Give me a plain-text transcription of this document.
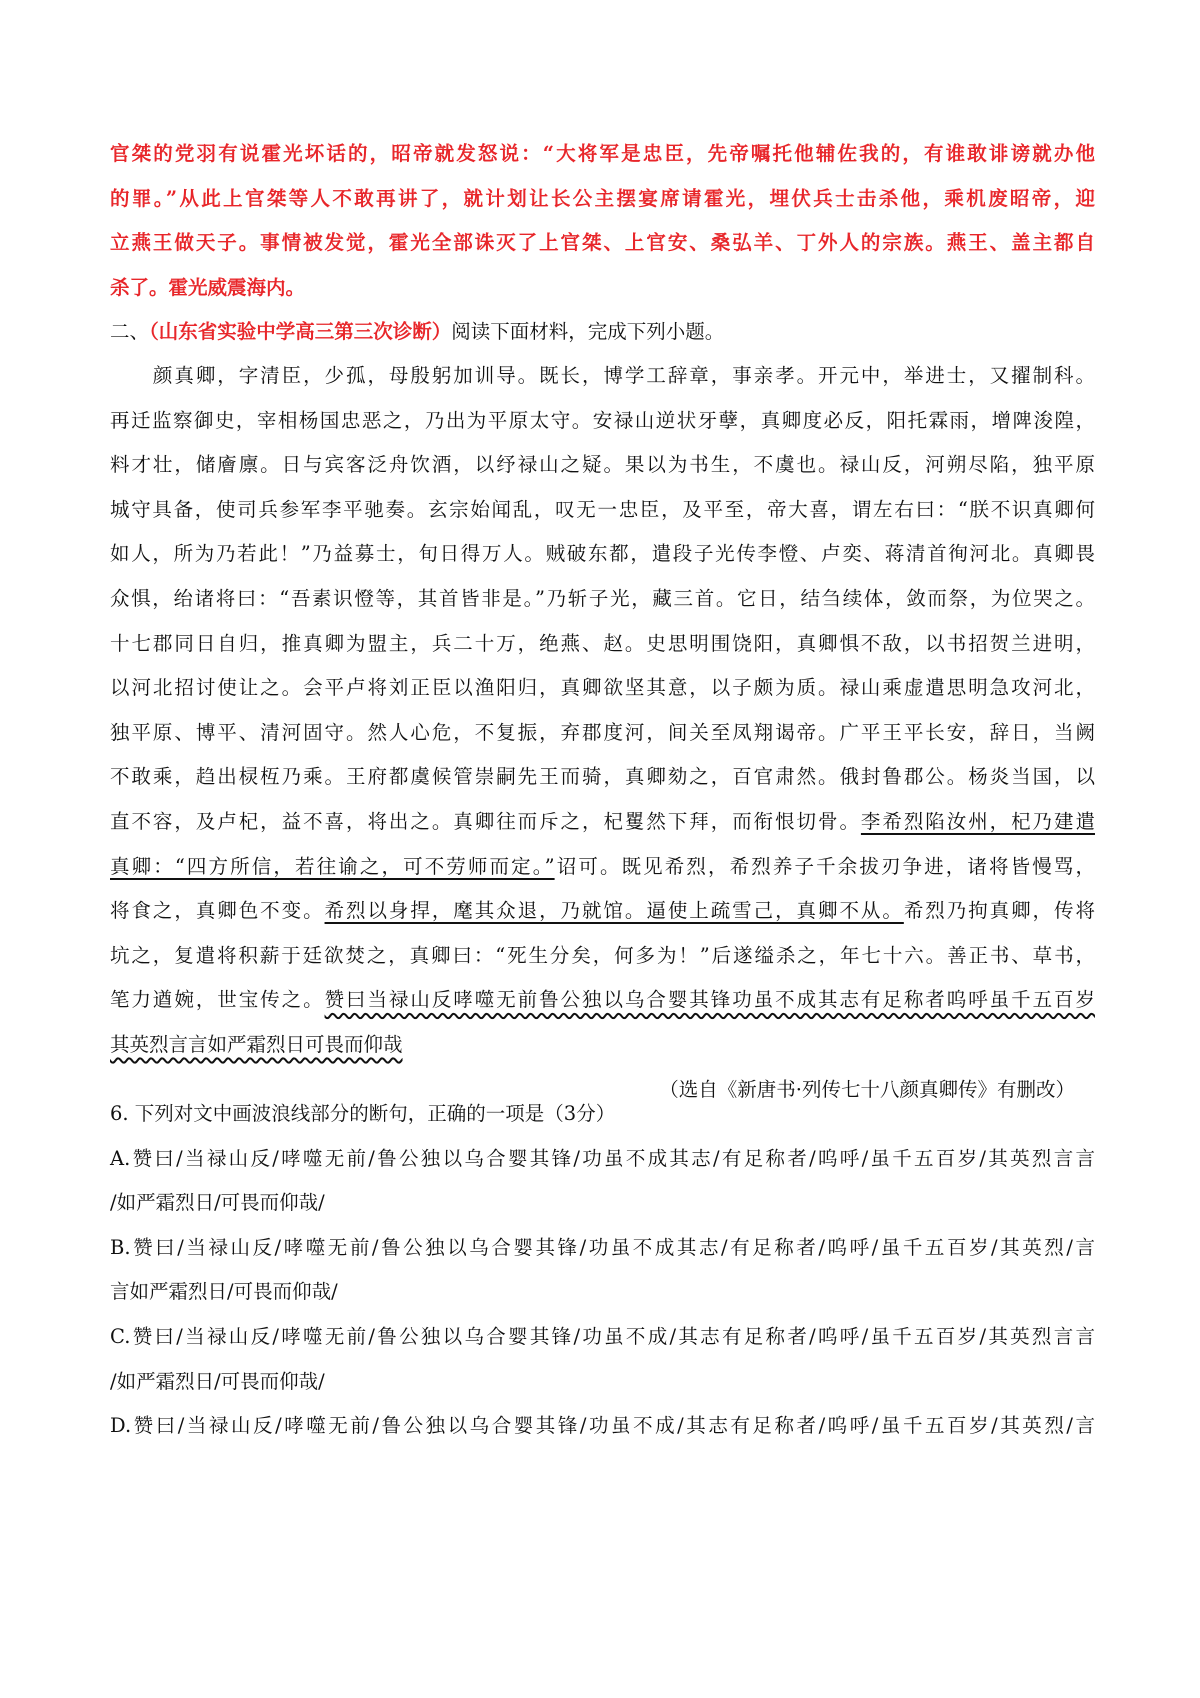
官桀的党羽有说霍光坏话的，昭帝就发怒说：“大将军是忠臣，先帝嘱托他辅佐我的，有谁敢诽谤就办他
的罪。”从此上官桀等人不敢再讲了，就计划让长公主摆宴席请霍光，埋伏兵士击杀他，乘机废昭帝，迎
立燕王做天子。事情被发觉，霍光全部诛灭了上官桀、上官安、桑弘羊、丁外人的宗族。燕王、盖主都自
杀了。霍光威震海内。
二、（山东省实验中学高三第三次诊断）阅读下面材料，完成下列小题。
　　颜真卿，字清臣，少孤，母殷躬加训导。既长，博学工辞章，事亲孝。开元中，举进士，又擢制科。
再迁监察御史，宰相杨国忠恶之，乃出为平原太守。安禄山逆状牙孽，真卿度必反，阳托霖雨，增陴浚隍，
料才壮，储廥廪。日与宾客泛舟饮酒，以纾禄山之疑。果以为书生，不虞也。禄山反，河朔尽陷，独平原
城守具备，使司兵参军李平驰奏。玄宗始闻乱，叹无一忠臣，及平至，帝大喜，谓左右曰：“朕不识真卿何
如人，所为乃若此！”乃益募士，旬日得万人。贼破东都，遣段子光传李憕、卢奕、蒋清首徇河北。真卿畏
众惧，绐诸将曰：“吾素识憕等，其首皆非是。”乃斩子光，藏三首。它日，结刍续体，敛而祭，为位哭之。
十七郡同日自归，推真卿为盟主，兵二十万，绝燕、赵。史思明围饶阳，真卿惧不敌，以书招贺兰进明，
以河北招讨使让之。会平卢将刘正臣以渔阳归，真卿欲坚其意，以子颇为质。禄山乘虚遣思明急攻河北，
独平原、博平、清河固守。然人心危，不复振，弃郡度河，间关至凤翔谒帝。广平王平长安，辞日，当阙
不敢乘，趋出棂枑乃乘。王府都虞候管崇嗣先王而骑，真卿劾之，百官肃然。俄封鲁郡公。杨炎当国，以
直不容，及卢杞，益不喜，将出之。真卿往而斥之，杞矍然下拜，而衔恨切骨。李希烈陷汝州，杞乃建遣
真卿：“四方所信，若往谕之，可不劳师而定。”诏可。既见希烈，希烈养子千余拔刃争进，诸将皆慢骂，
将食之，真卿色不变。希烈以身捍，麾其众退，乃就馆。逼使上疏雪己，真卿不从。希烈乃拘真卿，传将
坑之，复遣将积薪于廷欲焚之，真卿曰：“死生分矣，何多为！”后遂缢杀之，年七十六。善正书、草书，
笔力遒婉，世宝传之。赞曰当禄山反哮噬无前鲁公独以乌合婴其锋功虽不成其志有足称者呜呼虽千五百岁
其英烈言言如严霜烈日可畏而仰哉
（选自《新唐书·列传七十八颜真卿传》有删改）
6. 下列对文中画波浪线部分的断句，正确的一项是（3分）
A.赞曰/当禄山反/哮噬无前/鲁公独以乌合婴其锋/功虽不成其志/有足称者/呜呼/虽千五百岁/其英烈言言
/如严霜烈日/可畏而仰哉/
B.赞曰/当禄山反/哮噬无前/鲁公独以乌合婴其锋/功虽不成其志/有足称者/呜呼/虽千五百岁/其英烈/言
言如严霜烈日/可畏而仰哉/
C.赞曰/当禄山反/哮噬无前/鲁公独以乌合婴其锋/功虽不成/其志有足称者/呜呼/虽千五百岁/其英烈言言
/如严霜烈日/可畏而仰哉/
D.赞曰/当禄山反/哮噬无前/鲁公独以乌合婴其锋/功虽不成/其志有足称者/呜呼/虽千五百岁/其英烈/言
